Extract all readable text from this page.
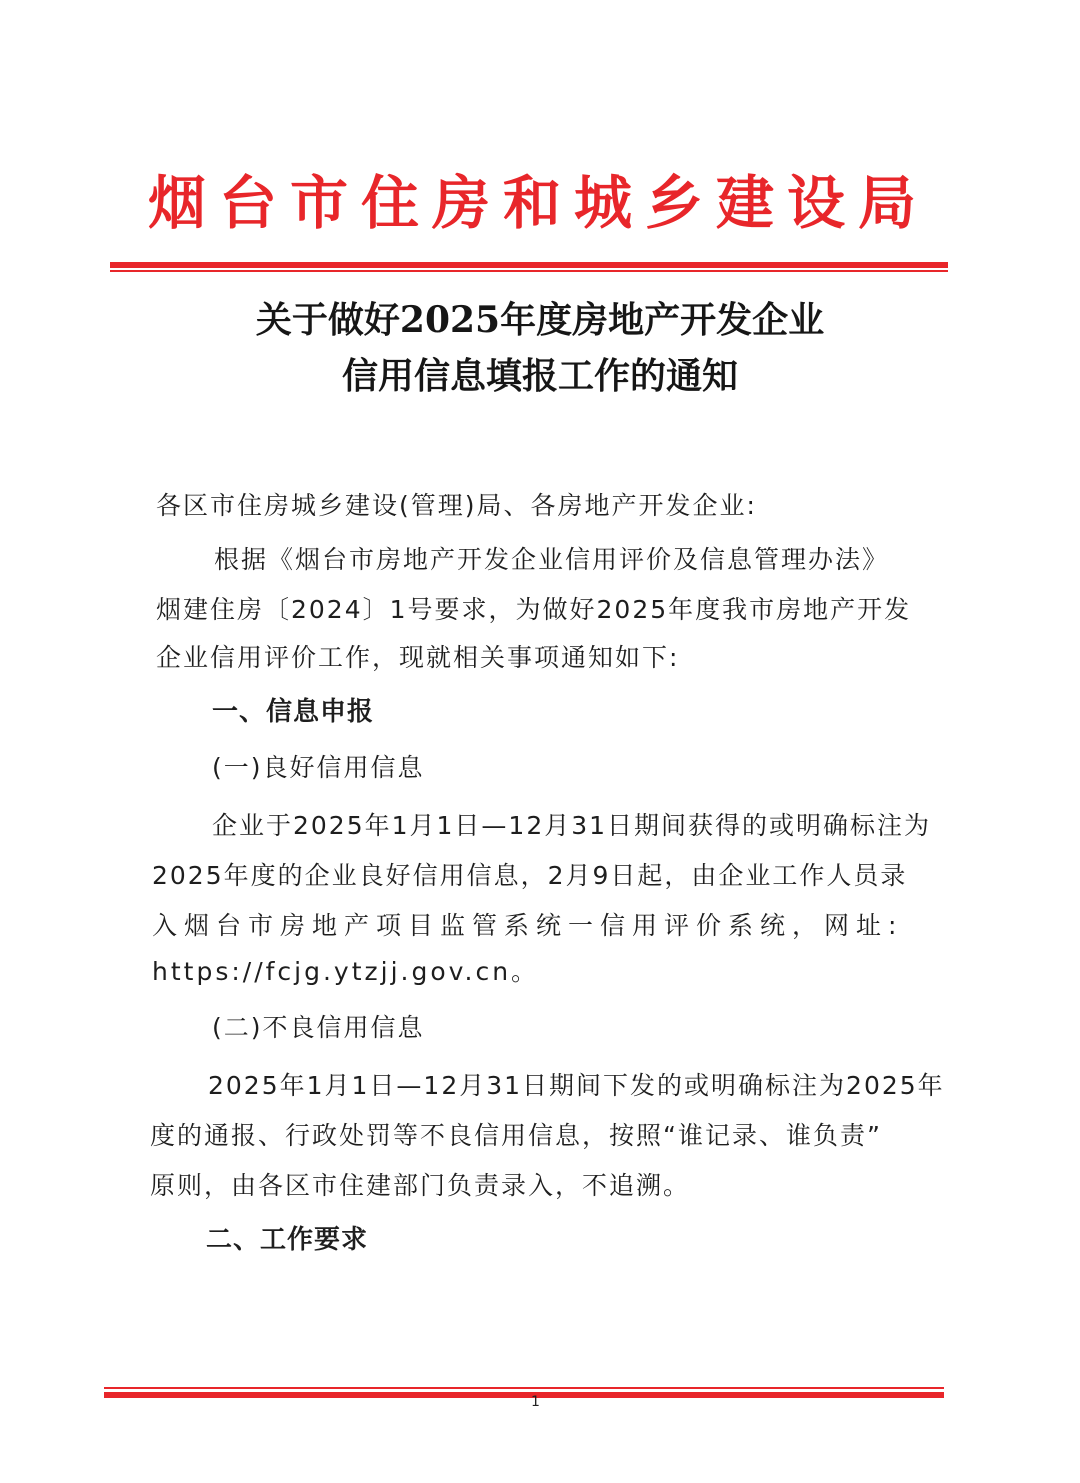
烟台市住房和城乡建设局
关于做好2025年度房地产开发企业
信用信息填报工作的通知
各区市住房城乡建设(管理)局、各房地产开发企业:
根据《烟台市房地产开发企业信用评价及信息管理办法》
烟建住房〔2024〕1号要求，为做好2025年度我市房地产开发
企业信用评价工作，现就相关事项通知如下:
一、信息申报
(一)良好信用信息
企业于2025年1月1日—12月31日期间获得的或明确标注为
2025年度的企业良好信用信息，2月9日起，由企业工作人员录
入烟台市房地产项目监管系统一信用评价系统，网址:
https://fcjg.ytzjj.gov.cn。
(二)不良信用信息
2025年1月1日—12月31日期间下发的或明确标注为2025年
度的通报、行政处罚等不良信用信息，按照“谁记录、谁负责”
原则，由各区市住建部门负责录入，不追溯。
二、工作要求
1
